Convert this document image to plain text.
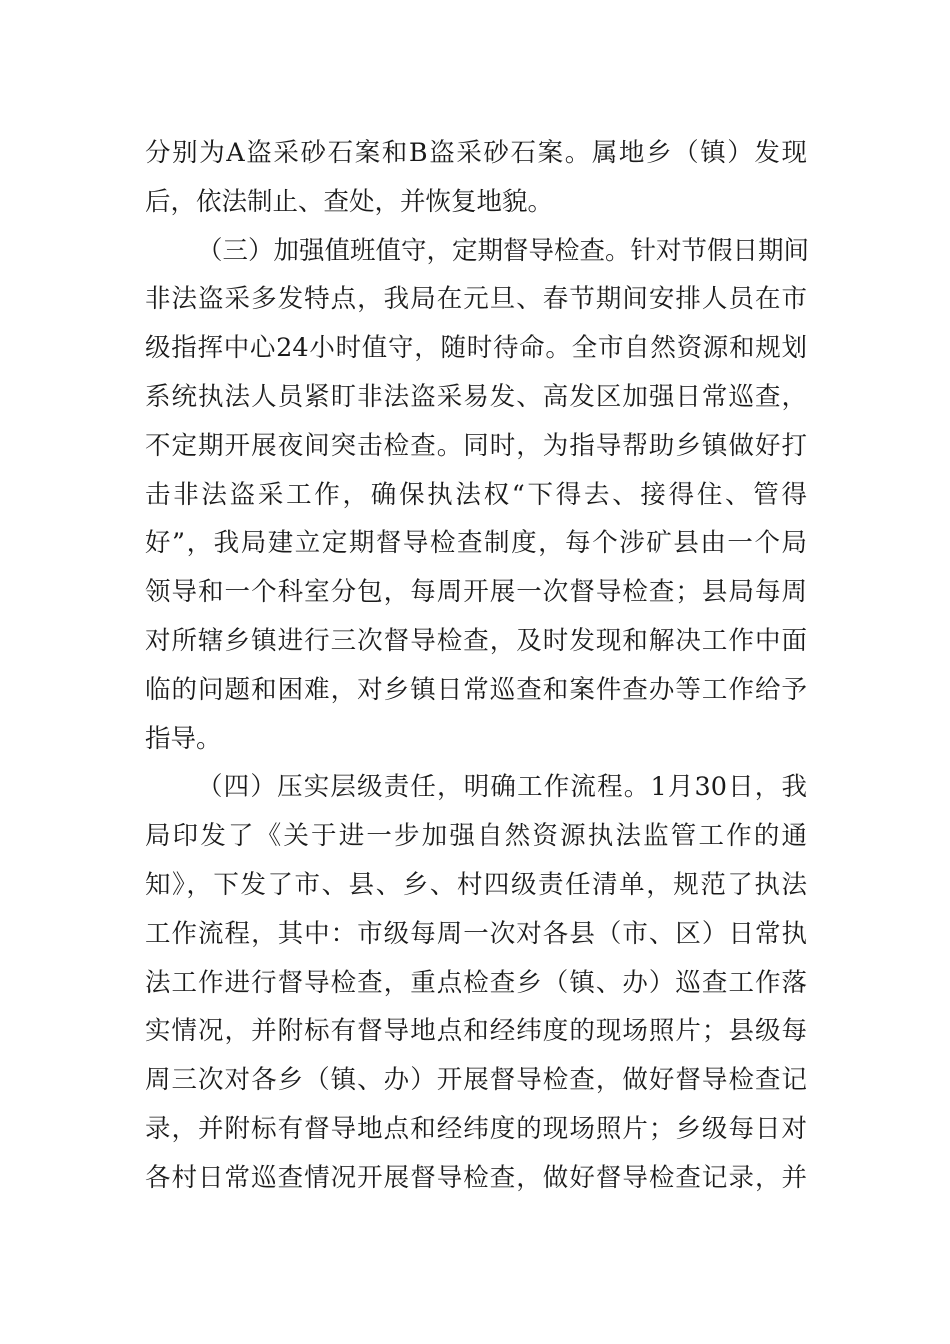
分别为A盗采砂石案和B盗采砂石案。属地乡（镇）发现
后，依法制止、查处，并恢复地貌。
（三）加强值班值守，定期督导检查。针对节假日期间
非法盗采多发特点，我局在元旦、春节期间安排人员在市
级指挥中心24小时值守，随时待命。全市自然资源和规划
系统执法人员紧盯非法盗采易发、高发区加强日常巡查，
不定期开展夜间突击检查。同时，为指导帮助乡镇做好打
击非法盗采工作，确保执法权“下得去、接得住、管得
好”，我局建立定期督导检查制度，每个涉矿县由一个局
领导和一个科室分包，每周开展一次督导检查；县局每周
对所辖乡镇进行三次督导检查，及时发现和解决工作中面
临的问题和困难，对乡镇日常巡查和案件查办等工作给予
指导。
（四）压实层级责任，明确工作流程。1月30日，我
局印发了《关于进一步加强自然资源执法监管工作的通
知》，下发了市、县、乡、村四级责任清单，规范了执法
工作流程，其中：市级每周一次对各县（市、区）日常执
法工作进行督导检查，重点检查乡（镇、办）巡查工作落
实情况，并附标有督导地点和经纬度的现场照片；县级每
周三次对各乡（镇、办）开展督导检查，做好督导检查记
录，并附标有督导地点和经纬度的现场照片；乡级每日对
各村日常巡查情况开展督导检查，做好督导检查记录，并
